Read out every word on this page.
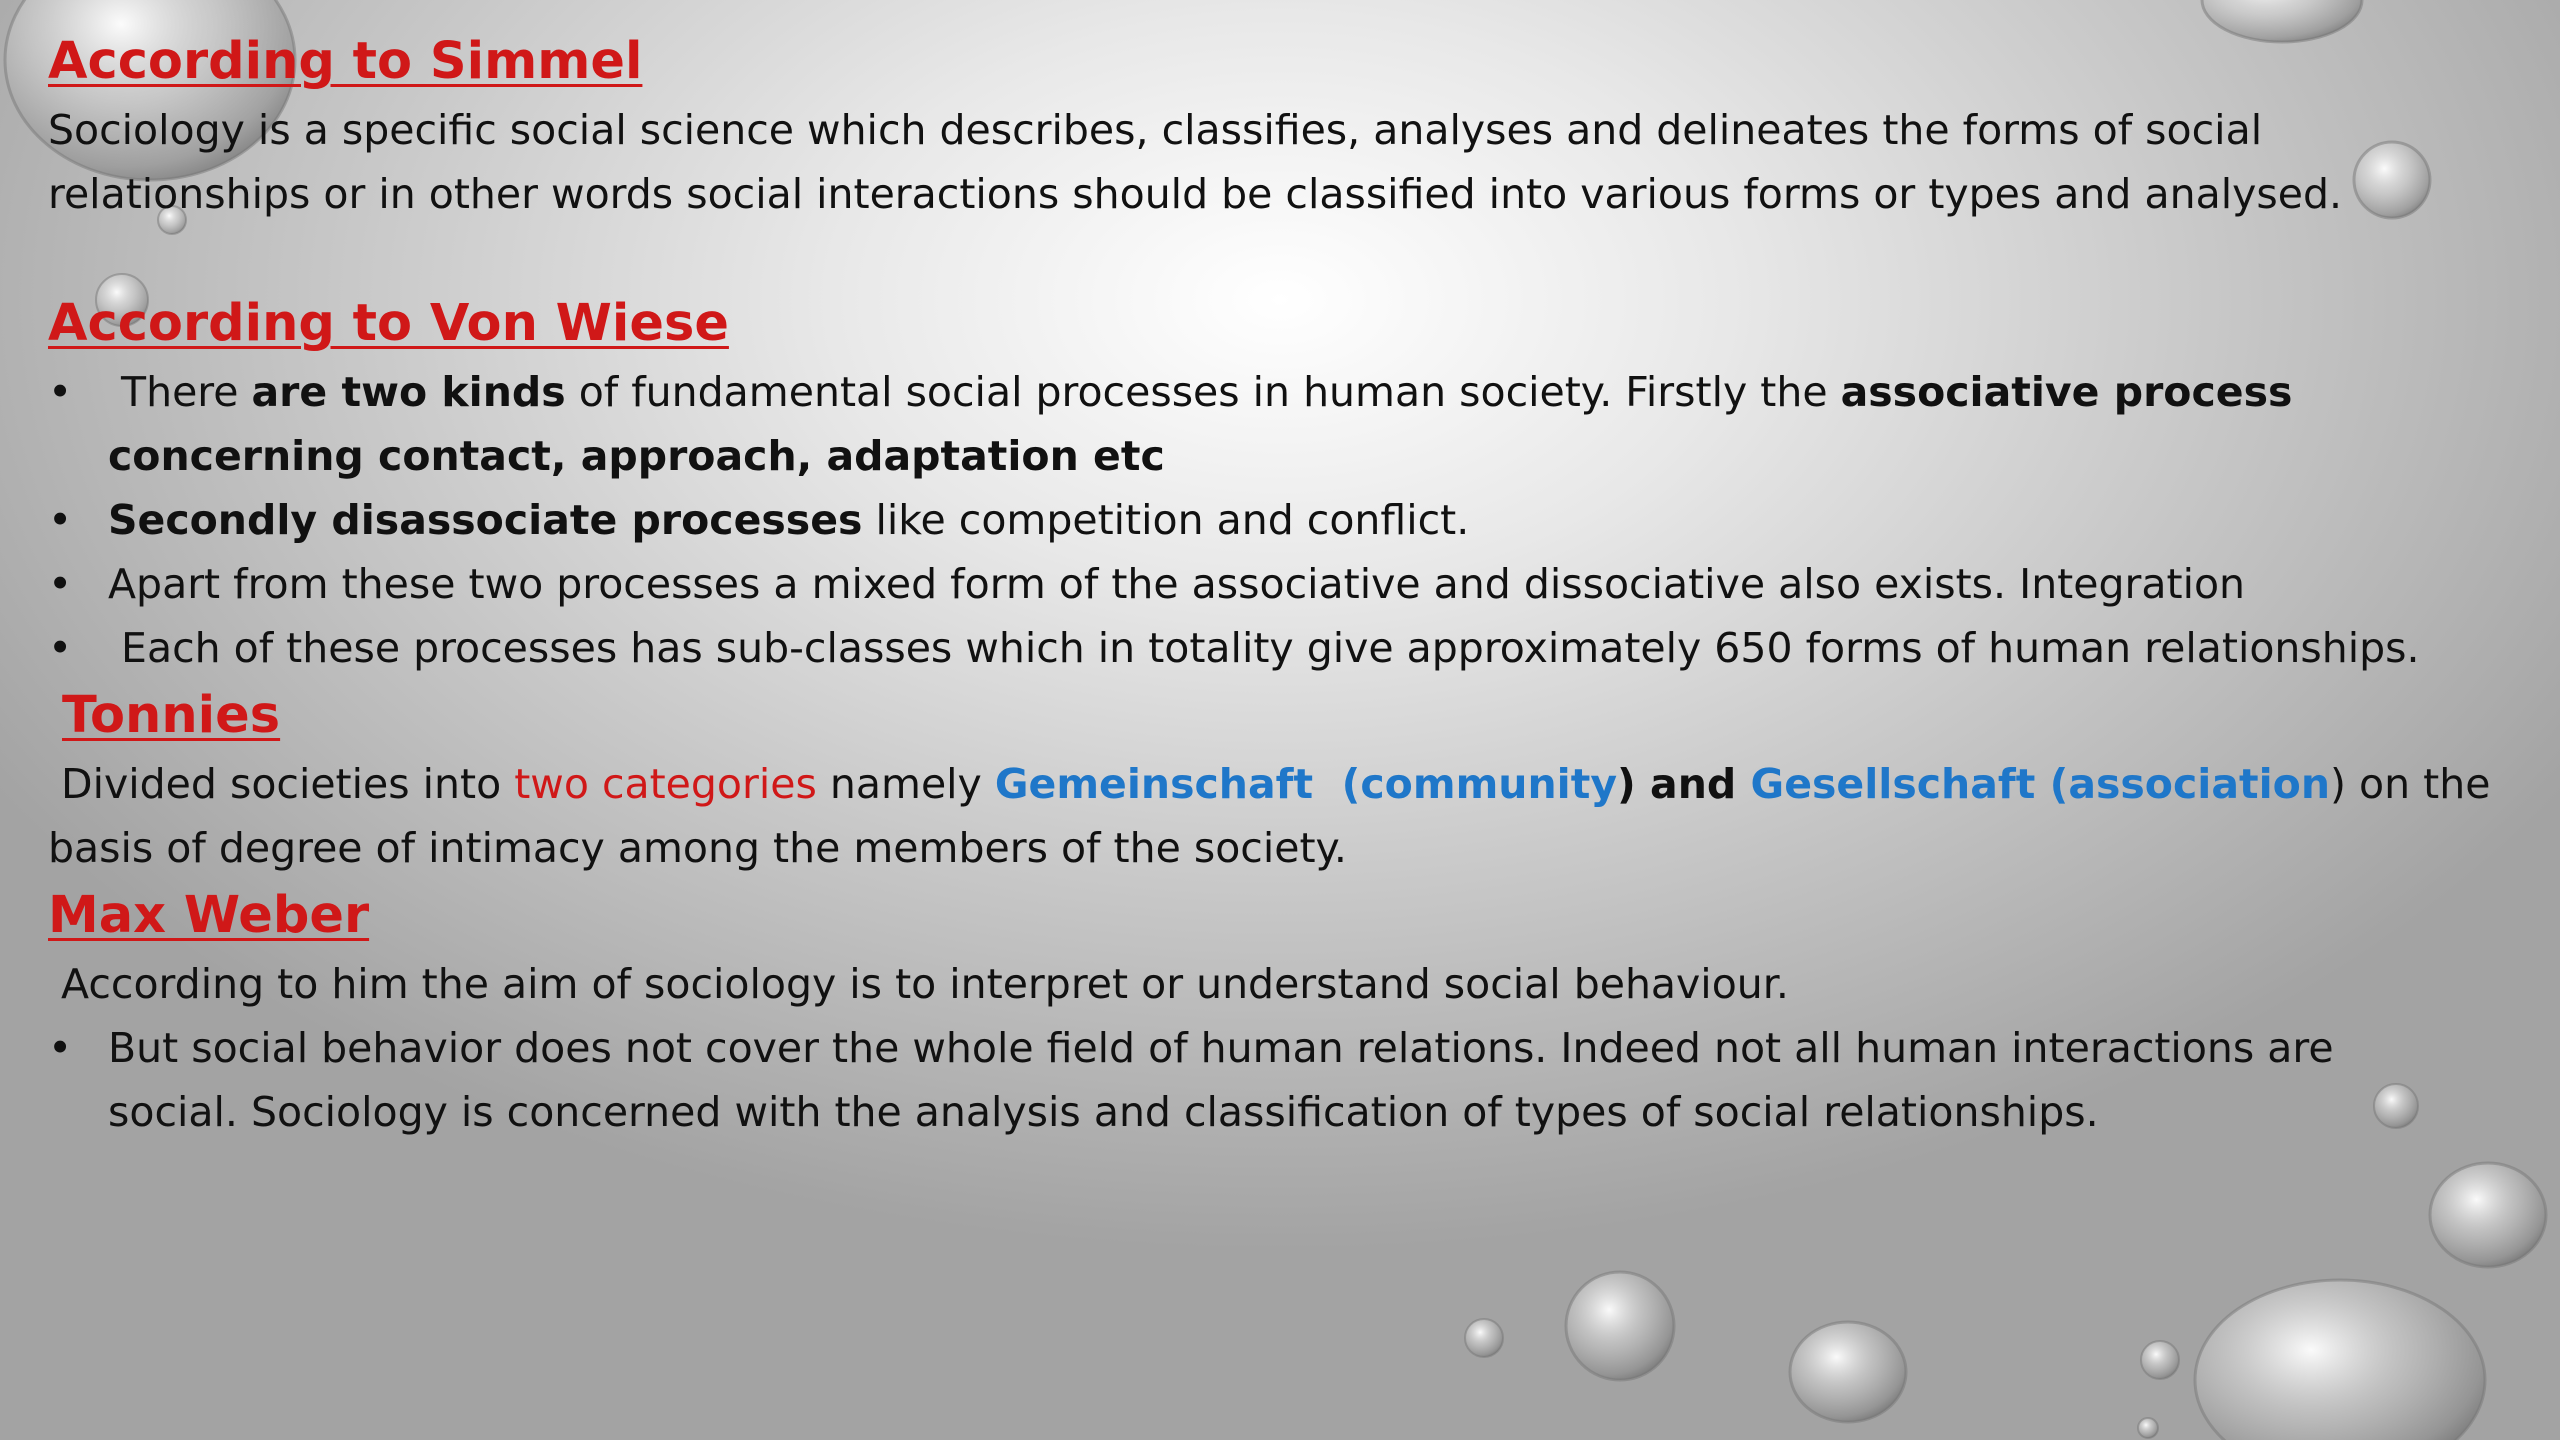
According to Simmel
Sociology is a specific social science which describes, classifies, analyses and delineates the forms of social
relationships or in other words social interactions should be classified into various forms or types and analysed.
According to Von Wiese
• There are two kinds of fundamental social processes in human society. Firstly the associative process
concerning contact, approach, adaptation etc
• Secondly disassociate processes like competition and conflict.
• Apart from these two processes a mixed form of the associative and dissociative also exists. Integration
• Each of these processes has sub-classes which in totality give approximately 650 forms of human relationships.
Tonnies
Divided societies into two categories namely Gemeinschaft  (community) and Gesellschaft (association) on the
basis of degree of intimacy among the members of the society.
Max Weber
According to him the aim of sociology is to interpret or understand social behaviour.
• But social behavior does not cover the whole field of human relations. Indeed not all human interactions are
social. Sociology is concerned with the analysis and classification of types of social relationships.
